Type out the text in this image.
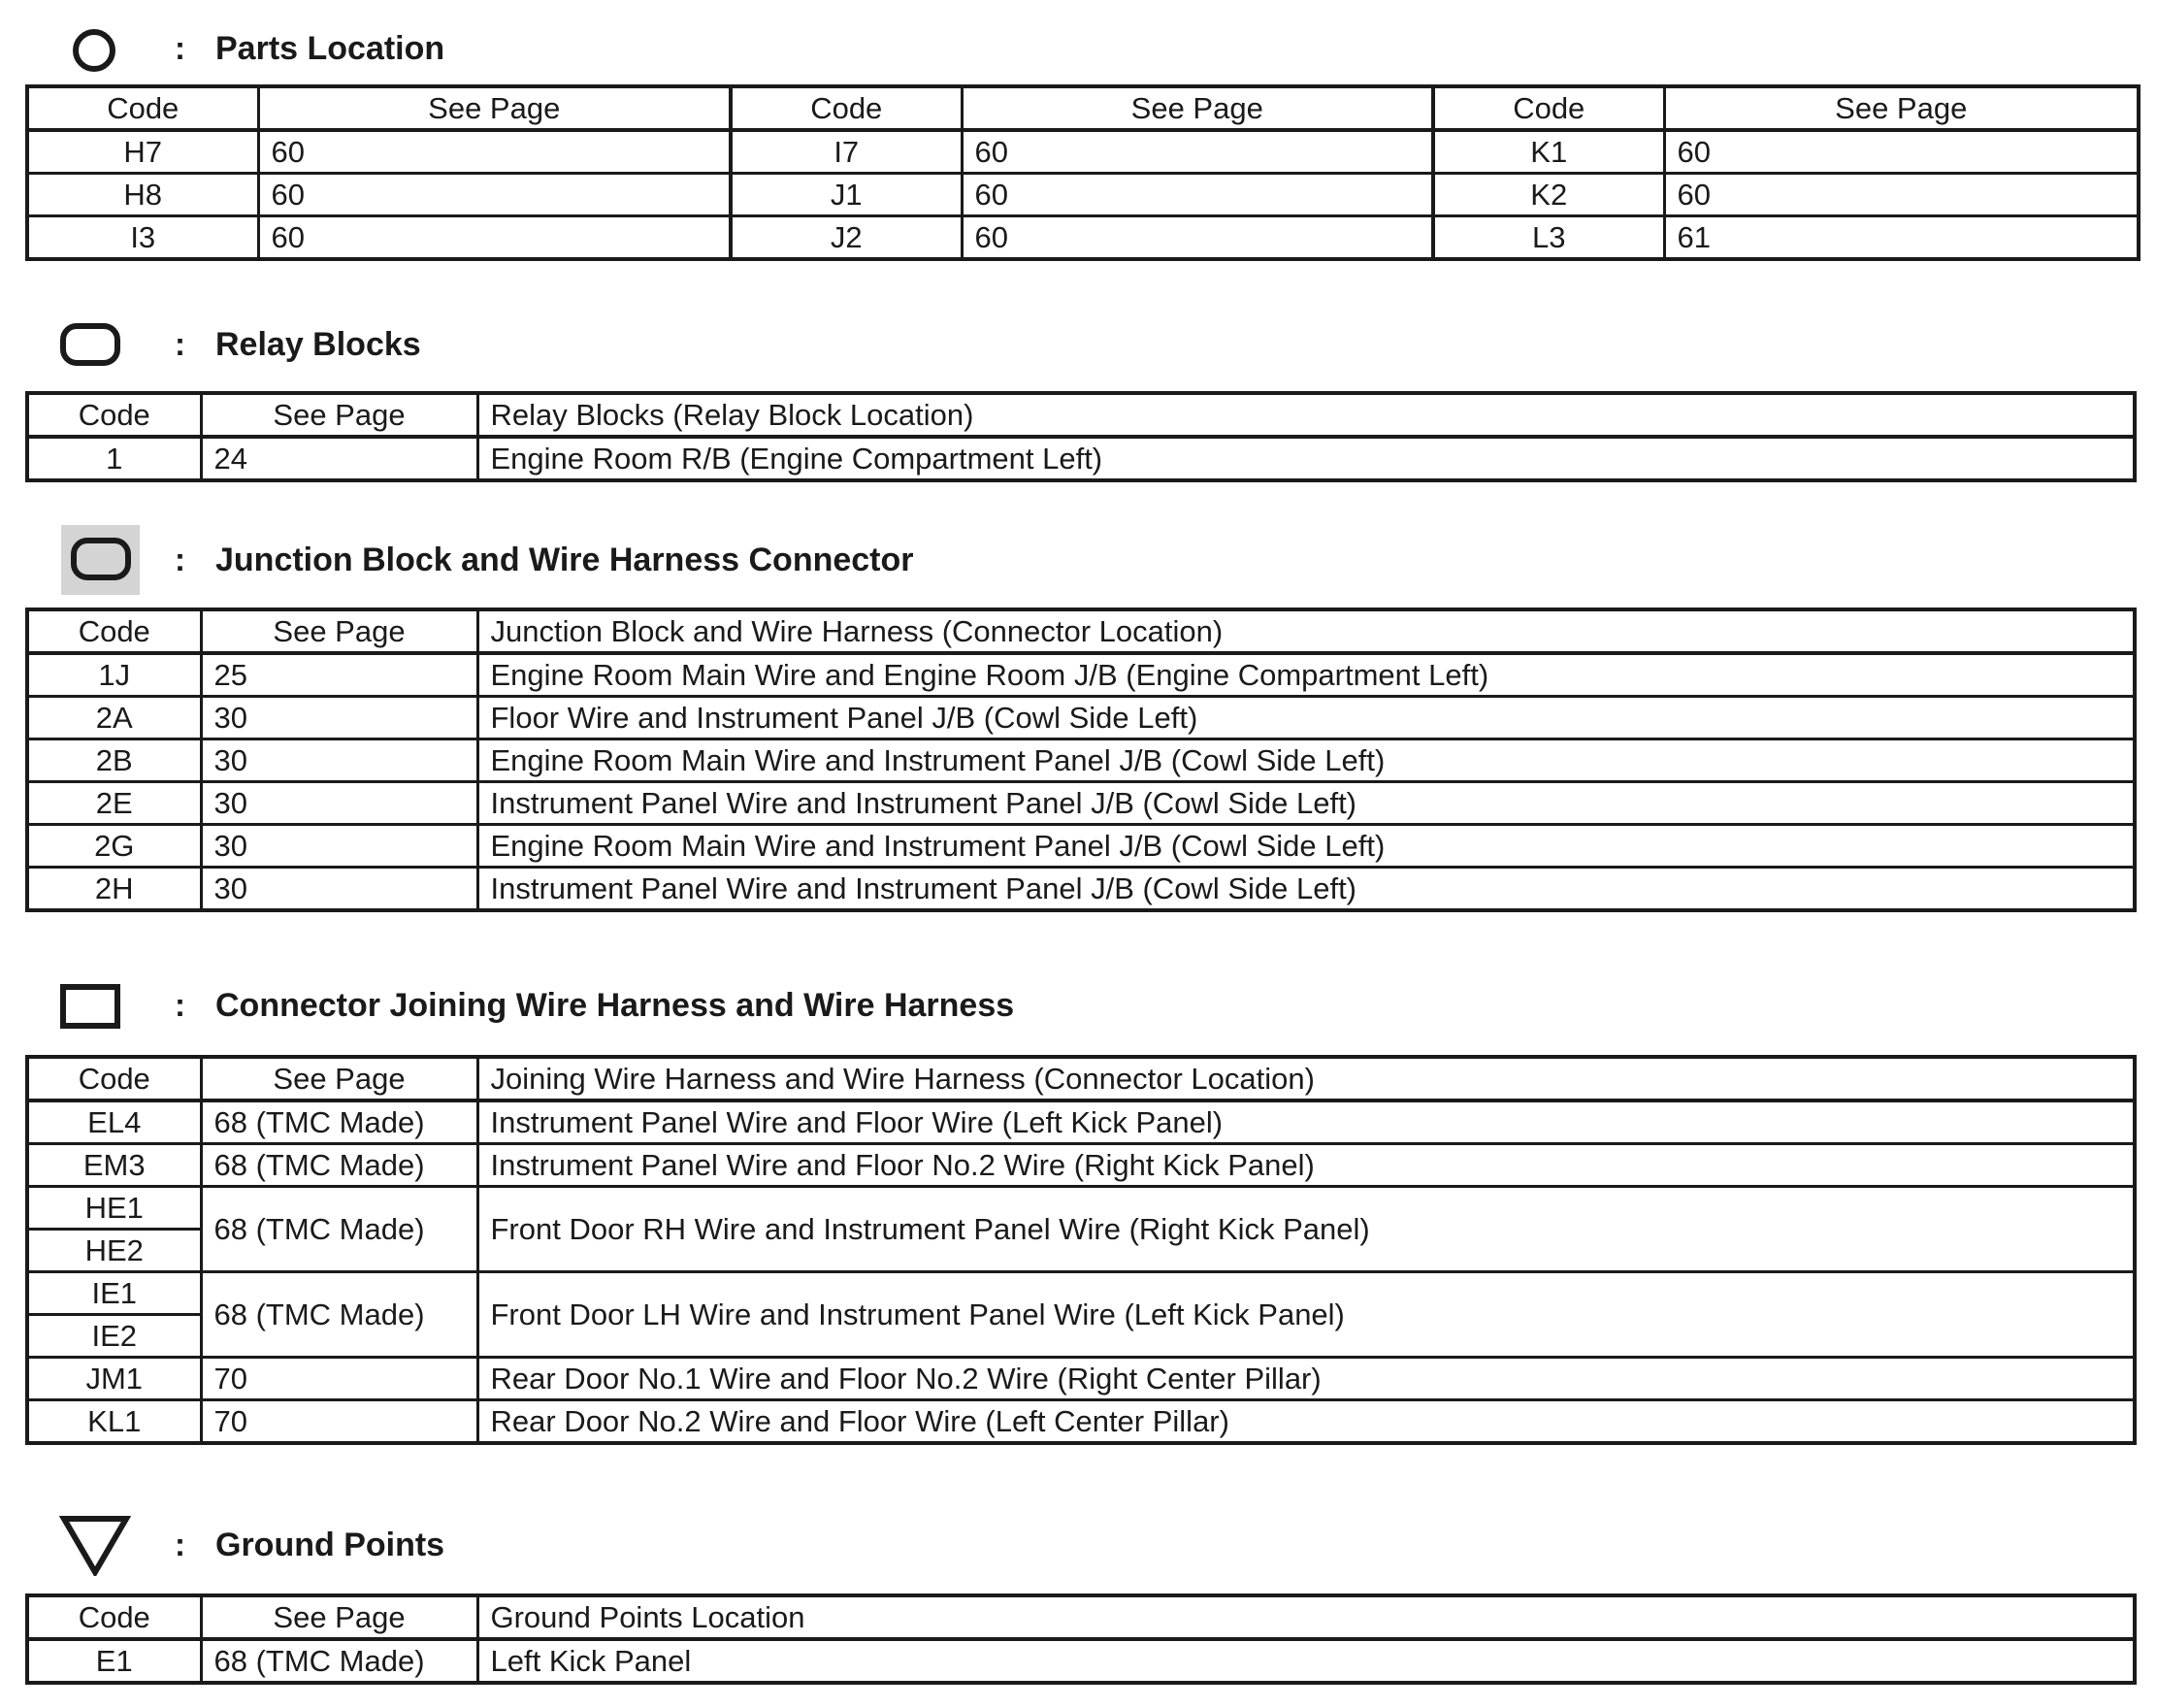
: Parts Location
Code	See Page	Code	See Page	Code	See Page
H7	60	I7	60	K1	60
H8	60	J1	60	K2	60
I3	60	J2	60	L3	61
: Relay Blocks
Code	See Page	Relay Blocks (Relay Block Location)
1	24	Engine Room R/B (Engine Compartment Left)
: Junction Block and Wire Harness Connector
Code	See Page	Junction Block and Wire Harness (Connector Location)
1J	25	Engine Room Main Wire and Engine Room J/B (Engine Compartment Left)
2A	30	Floor Wire and Instrument Panel J/B (Cowl Side Left)
2B	30	Engine Room Main Wire and Instrument Panel J/B (Cowl Side Left)
2E	30	Instrument Panel Wire and Instrument Panel J/B (Cowl Side Left)
2G	30	Engine Room Main Wire and Instrument Panel J/B (Cowl Side Left)
2H	30	Instrument Panel Wire and Instrument Panel J/B (Cowl Side Left)
: Connector Joining Wire Harness and Wire Harness
Code	See Page	Joining Wire Harness and Wire Harness (Connector Location)
EL4	68 (TMC Made)	Instrument Panel Wire and Floor Wire (Left Kick Panel)
EM3	68 (TMC Made)	Instrument Panel Wire and Floor No.2 Wire (Right Kick Panel)
HE1	68 (TMC Made)	Front Door RH Wire and Instrument Panel Wire (Right Kick Panel)
HE2		
IE1	68 (TMC Made)	Front Door LH Wire and Instrument Panel Wire (Left Kick Panel)
IE2		
JM1	70	Rear Door No.1 Wire and Floor No.2 Wire (Right Center Pillar)
KL1	70	Rear Door No.2 Wire and Floor Wire (Left Center Pillar)
: Ground Points
Code	See Page	Ground Points Location
E1	68 (TMC Made)	Left Kick Panel
